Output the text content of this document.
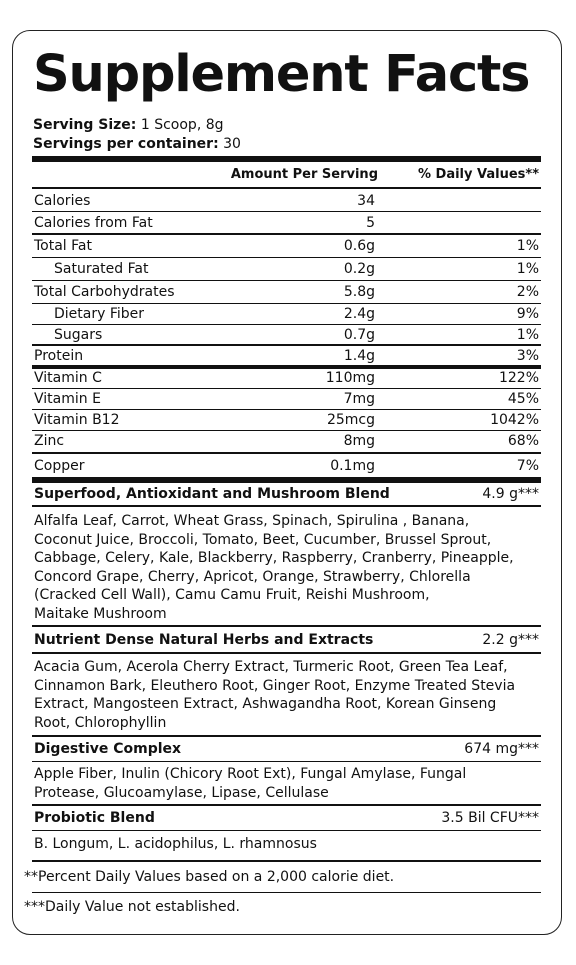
Supplement Facts
Serving Size: 1 Scoop, 8g
Servings per container: 30
Amount Per Serving	% Daily Values**
Calories	34
Calories from Fat	5
Total Fat	0.6g	1%
Saturated Fat	0.2g	1%
Total Carbohydrates	5.8g	2%
Dietary Fiber	2.4g	9%
Sugars	0.7g	1%
Protein	1.4g	3%
Vitamin C	110mg	122%
Vitamin E	7mg	45%
Vitamin B12	25mcg	1042%
Zinc	8mg	68%
Copper	0.1mg	7%
Superfood, Antioxidant and Mushroom Blend	4.9 g***
Alfalfa Leaf, Carrot, Wheat Grass, Spinach, Spirulina , Banana,
Coconut Juice, Broccoli, Tomato, Beet, Cucumber, Brussel Sprout,
Cabbage, Celery, Kale, Blackberry, Raspberry, Cranberry, Pineapple,
Concord Grape, Cherry, Apricot, Orange, Strawberry, Chlorella
(Cracked Cell Wall), Camu Camu Fruit, Reishi Mushroom,
Maitake Mushroom
Nutrient Dense Natural Herbs and Extracts	2.2 g***
Acacia Gum, Acerola Cherry Extract, Turmeric Root, Green Tea Leaf,
Cinnamon Bark, Eleuthero Root, Ginger Root, Enzyme Treated Stevia
Extract, Mangosteen Extract, Ashwagandha Root, Korean Ginseng
Root, Chlorophyllin
Digestive Complex	674 mg***
Apple Fiber, Inulin (Chicory Root Ext), Fungal Amylase, Fungal
Protease, Glucoamylase, Lipase, Cellulase
Probiotic Blend	3.5 Bil CFU***
B. Longum, L. acidophilus, L. rhamnosus
**Percent Daily Values based on a 2,000 calorie diet.
***Daily Value not established.
